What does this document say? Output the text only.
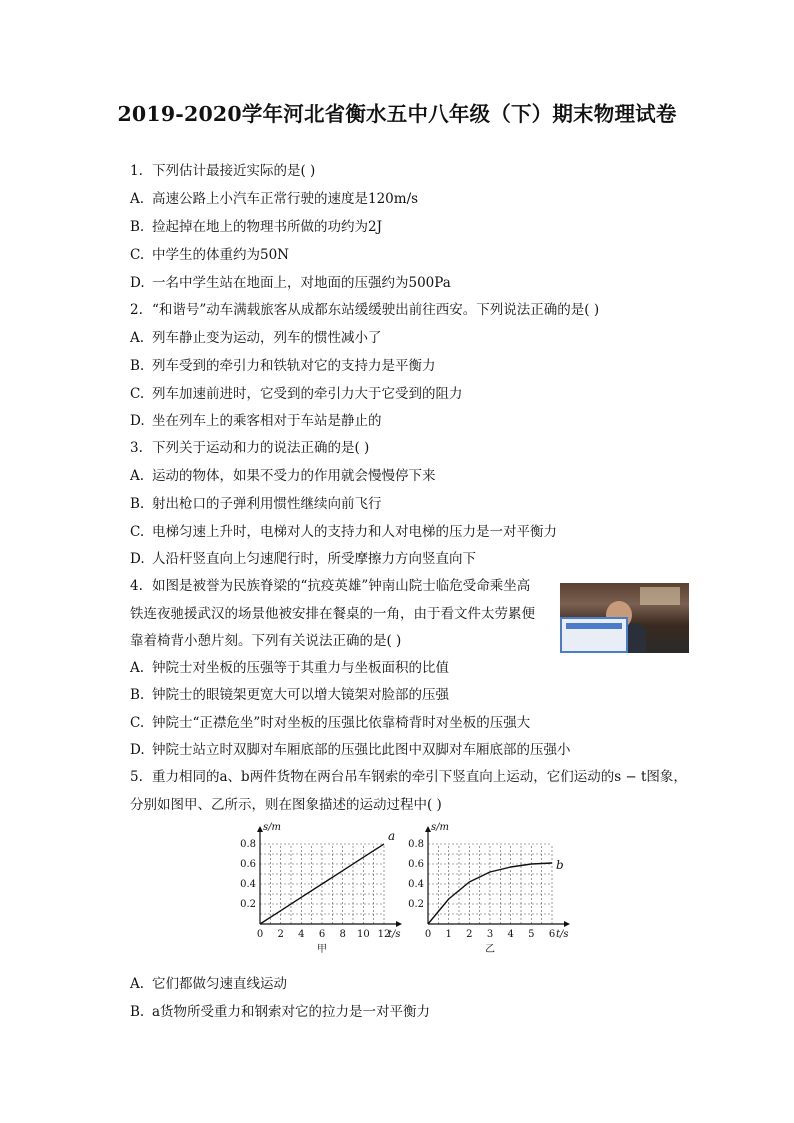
2019-2020学年河北省衡水五中八年级（下）期末物理试卷
1. 下列估计最接近实际的是( )
A. 高速公路上小汽车正常行驶的速度是120m/s
B. 捡起掉在地上的物理书所做的功约为2J
C. 中学生的体重约为50N
D. 一名中学生站在地面上，对地面的压强约为500Pa
2. “和谐号”动车满载旅客从成都东站缓缓驶出前往西安。下列说法正确的是( )
A. 列车静止变为运动，列车的惯性减小了
B. 列车受到的牵引力和铁轨对它的支持力是平衡力
C. 列车加速前进时，它受到的牵引力大于它受到的阻力
D. 坐在列车上的乘客相对于车站是静止的
3. 下列关于运动和力的说法正确的是( )
A. 运动的物体，如果不受力的作用就会慢慢停下来
B. 射出枪口的子弹利用惯性继续向前飞行
C. 电梯匀速上升时，电梯对人的支持力和人对电梯的压力是一对平衡力
D. 人沿杆竖直向上匀速爬行时，所受摩擦力方向竖直向下
4. 如图是被誉为民族脊梁的“抗疫英雄”钟南山院士临危受命乘坐高
铁连夜驰援武汉的场景他被安排在餐桌的一角，由于看文件太劳累便
靠着椅背小憩片刻。下列有关说法正确的是( )
A. 钟院士对坐板的压强等于其重力与坐板面积的比值
B. 钟院士的眼镜架更宽大可以增大镜架对脸部的压强
C. 钟院士“正襟危坐”时对坐板的压强比依靠椅背时对坐板的压强大
D. 钟院士站立时双脚对车厢底部的压强比此图中双脚对车厢底部的压强小
5. 重力相同的a、b两件货物在两台吊车钢索的牵引下竖直向上运动，它们运动的s − t图象，
分别如图甲、乙所示，则在图象描述的运动过程中( )
0 2 4 6 8 10 12
0.2
0.4
0.6
0.8
s/m
t/s
甲
a
0 1 2 3 4 5 6
0.2
0.4
0.6
0.8
s/m
t/s
乙
b
A. 它们都做匀速直线运动
B. a货物所受重力和钢索对它的拉力是一对平衡力
